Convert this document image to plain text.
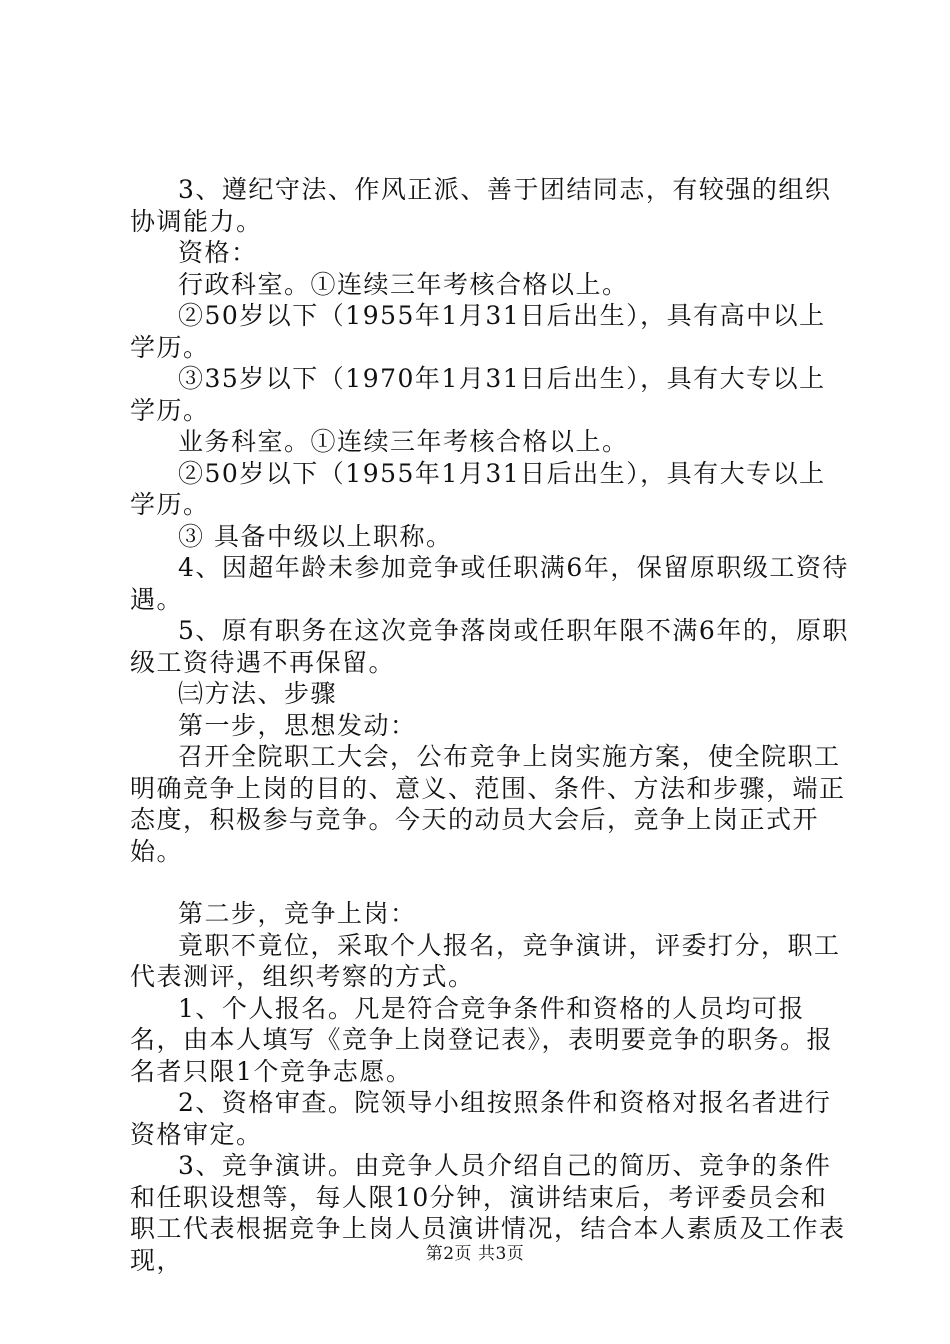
3、遵纪守法、作风正派、善于团结同志，有较强的组织协调能力。

资格：

行政科室。①连续三年考核合格以上。

②50岁以下（1955年1月31日后出生），具有高中以上学历。

③35岁以下（1970年1月31日后出生），具有大专以上学历。

业务科室。①连续三年考核合格以上。

②50岁以下（1955年1月31日后出生），具有大专以上学历。

③ 具备中级以上职称。

4、因超年龄未参加竞争或任职满6年，保留原职级工资待遇。

5、原有职务在这次竞争落岗或任职年限不满6年的，原职级工资待遇不再保留。

㈢方法、步骤

第一步，思想发动：

召开全院职工大会，公布竞争上岗实施方案，使全院职工明确竞争上岗的目的、意义、范围、条件、方法和步骤，端正态度，积极参与竞争。今天的动员大会后，竞争上岗正式开始。

第二步，竞争上岗：

竟职不竟位，采取个人报名，竞争演讲，评委打分，职工代表测评，组织考察的方式。

1、个人报名。凡是符合竞争条件和资格的人员均可报名，由本人填写《竞争上岗登记表》，表明要竞争的职务。报名者只限1个竞争志愿。

2、资格审查。院领导小组按照条件和资格对报名者进行资格审定。

3、竞争演讲。由竞争人员介绍自己的简历、竞争的条件和任职设想等，每人限10分钟，演讲结束后，考评委员会和职工代表根据竞争上岗人员演讲情况，结合本人素质及工作表现，	第2页 共3页
